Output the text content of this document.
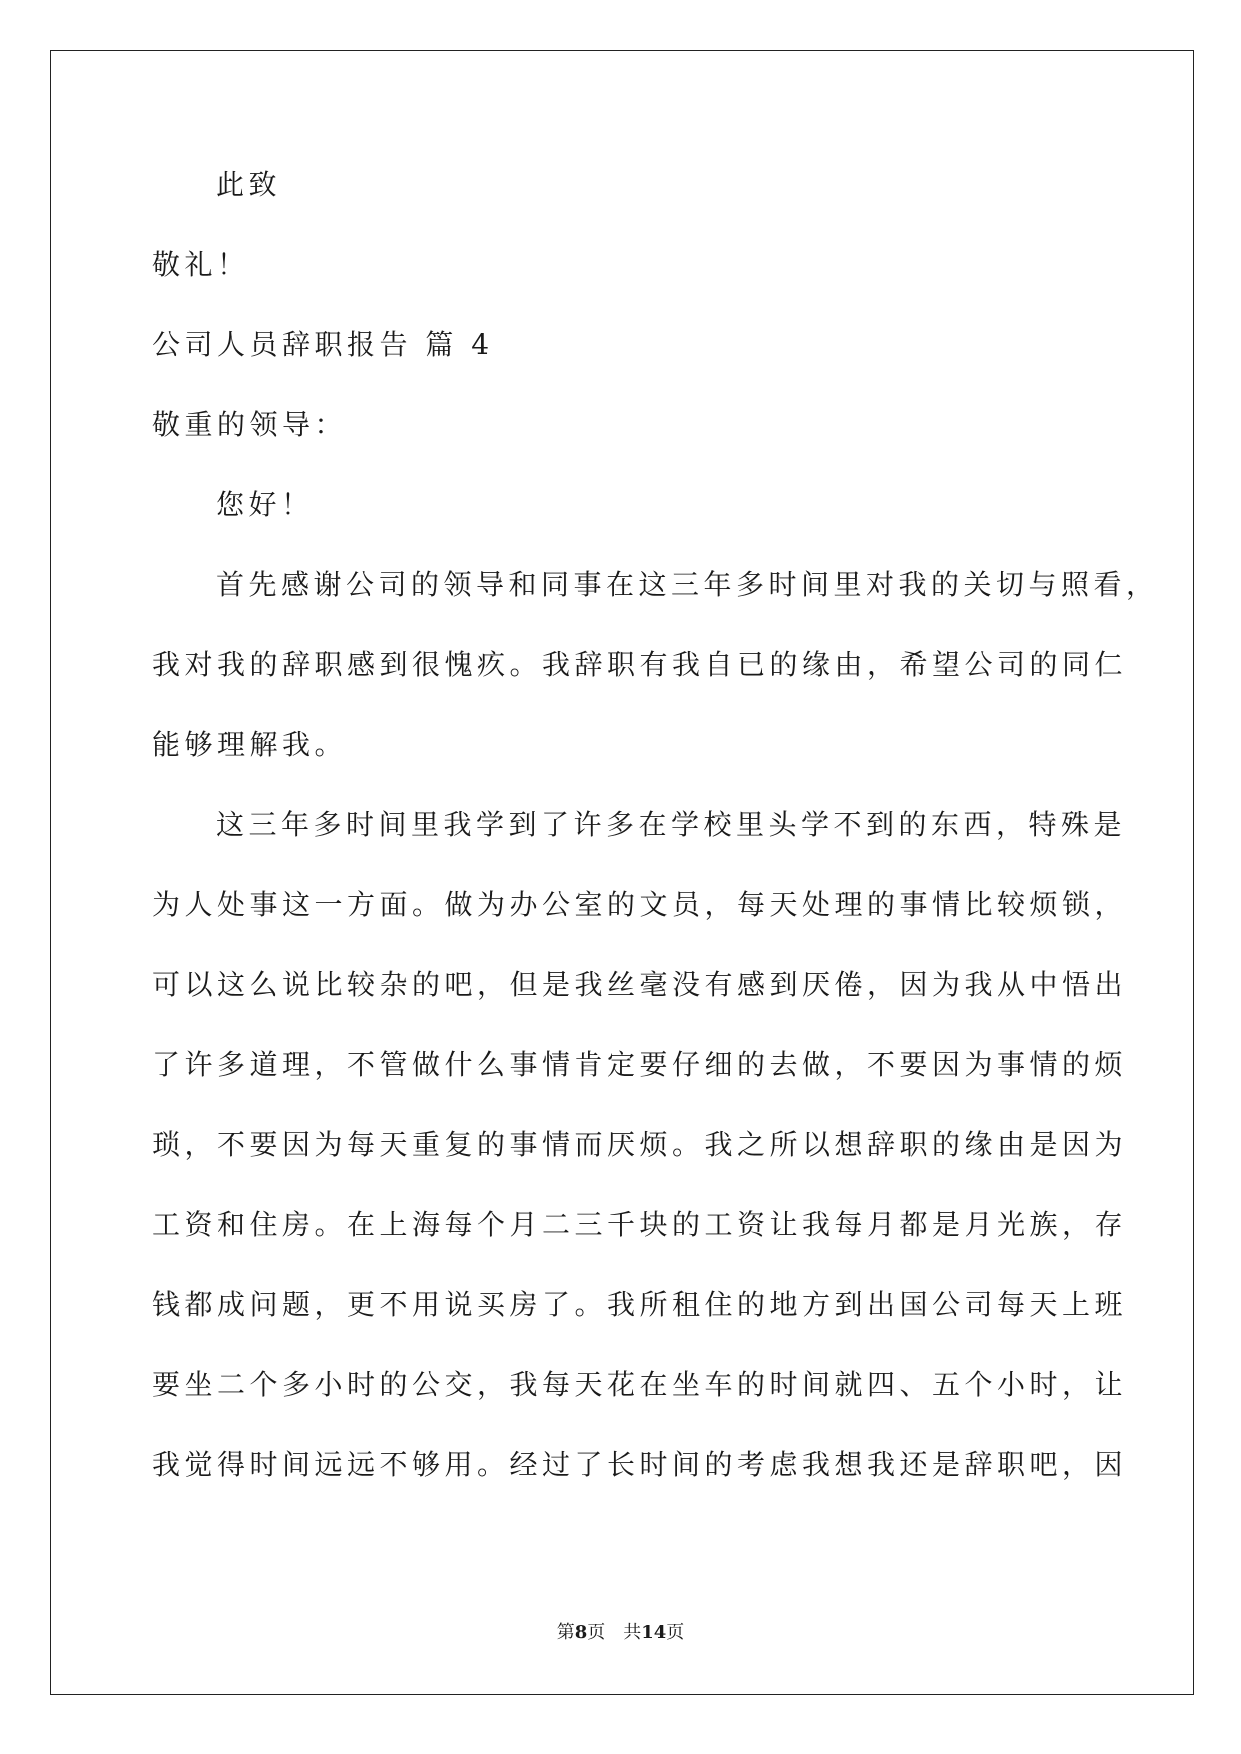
此致
敬礼！
公司人员辞职报告 篇 4
敬重的领导：
您好！
首先感谢公司的领导和同事在这三年多时间里对我的关切与照看，
我对我的辞职感到很愧疚。我辞职有我自已的缘由，希望公司的同仁
能够理解我。
这三年多时间里我学到了许多在学校里头学不到的东西，特殊是
为人处事这一方面。做为办公室的文员，每天处理的事情比较烦锁，
可以这么说比较杂的吧，但是我丝毫没有感到厌倦，因为我从中悟出
了许多道理，不管做什么事情肯定要仔细的去做，不要因为事情的烦
琐，不要因为每天重复的事情而厌烦。我之所以想辞职的缘由是因为
工资和住房。在上海每个月二三千块的工资让我每月都是月光族，存
钱都成问题，更不用说买房了。我所租住的地方到出国公司每天上班
要坐二个多小时的公交，我每天花在坐车的时间就四、五个小时，让
我觉得时间远远不够用。经过了长时间的考虑我想我还是辞职吧，因
第8页 共14页
